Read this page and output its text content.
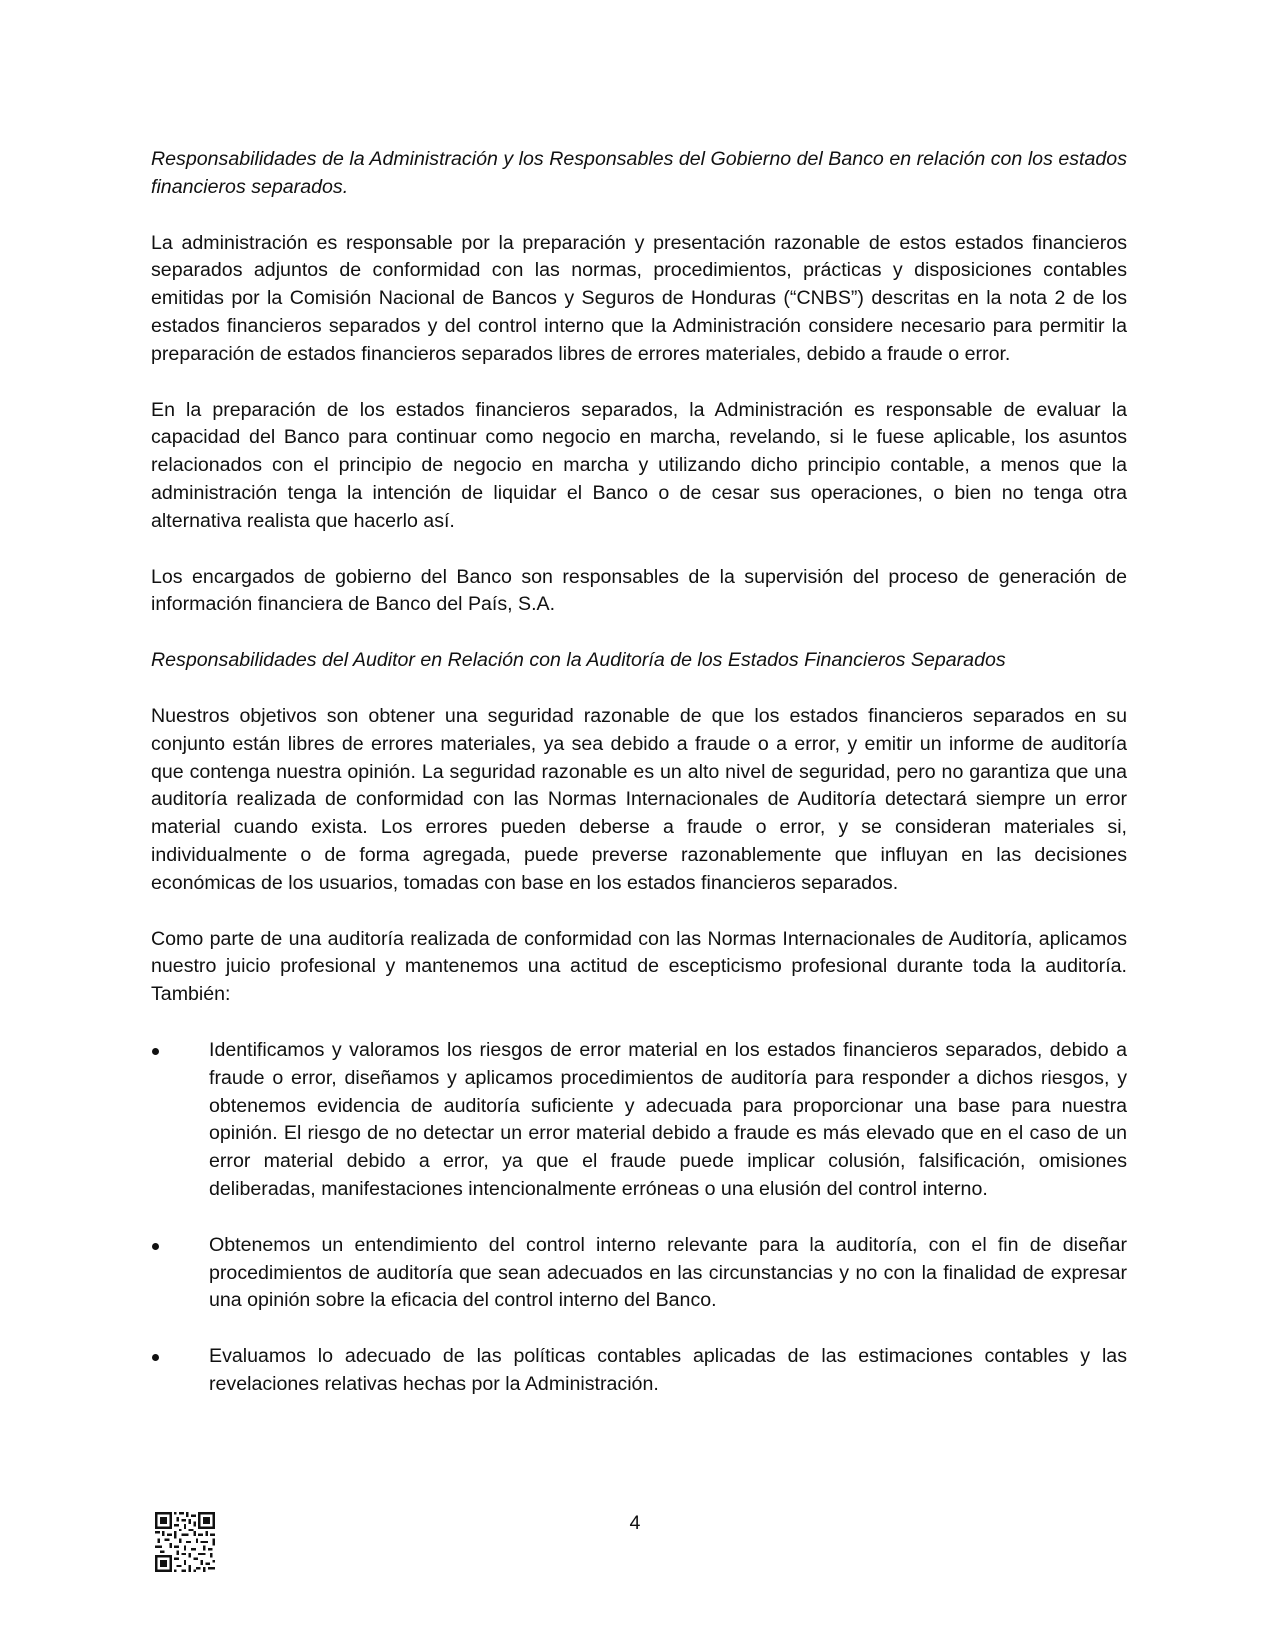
Responsabilidades de la Administración y los Responsables del Gobierno del Banco en relación con los estados financieros separados.

La administración es responsable por la preparación y presentación razonable de estos estados financieros separados adjuntos de conformidad con las normas, procedimientos, prácticas y disposiciones contables emitidas por la Comisión Nacional de Bancos y Seguros de Honduras (“CNBS”) descritas en la nota 2 de los estados financieros separados y del control interno que la Administración considere necesario para permitir la preparación de estados financieros separados libres de errores materiales, debido a fraude o error.

En la preparación de los estados financieros separados, la Administración es responsable de evaluar la capacidad del Banco para continuar como negocio en marcha, revelando, si le fuese aplicable, los asuntos relacionados con el principio de negocio en marcha y utilizando dicho principio contable, a menos que la administración tenga la intención de liquidar el Banco o de cesar sus operaciones, o bien no tenga otra alternativa realista que hacerlo así.

Los encargados de gobierno del Banco son responsables de la supervisión del proceso de generación de información financiera de Banco del País, S.A.

Responsabilidades del Auditor en Relación con la Auditoría de los Estados Financieros Separados

Nuestros objetivos son obtener una seguridad razonable de que los estados financieros separados en su conjunto están libres de errores materiales, ya sea debido a fraude o a error, y emitir un informe de auditoría que contenga nuestra opinión. La seguridad razonable es un alto nivel de seguridad, pero no garantiza que una auditoría realizada de conformidad con las Normas Internacionales de Auditoría detectará siempre un error material cuando exista. Los errores pueden deberse a fraude o error, y se consideran materiales si, individualmente o de forma agregada, puede preverse razonablemente que influyan en las decisiones económicas de los usuarios, tomadas con base en los estados financieros separados.

Como parte de una auditoría realizada de conformidad con las Normas Internacionales de Auditoría, aplicamos nuestro juicio profesional y mantenemos una actitud de escepticismo profesional durante toda la auditoría. También:

Identificamos y valoramos los riesgos de error material en los estados financieros separados, debido a fraude o error, diseñamos y aplicamos procedimientos de auditoría para responder a dichos riesgos, y obtenemos evidencia de auditoría suficiente y adecuada para proporcionar una base para nuestra opinión. El riesgo de no detectar un error material debido a fraude es más elevado que en el caso de un error material debido a error, ya que el fraude puede implicar colusión, falsificación, omisiones deliberadas, manifestaciones intencionalmente erróneas o una elusión del control interno.
Obtenemos un entendimiento del control interno relevante para la auditoría, con el fin de diseñar procedimientos de auditoría que sean adecuados en las circunstancias y no con la finalidad de expresar una opinión sobre la eficacia del control interno del Banco.
Evaluamos lo adecuado de las políticas contables aplicadas de las estimaciones contables y las revelaciones relativas hechas por la Administración.
4
